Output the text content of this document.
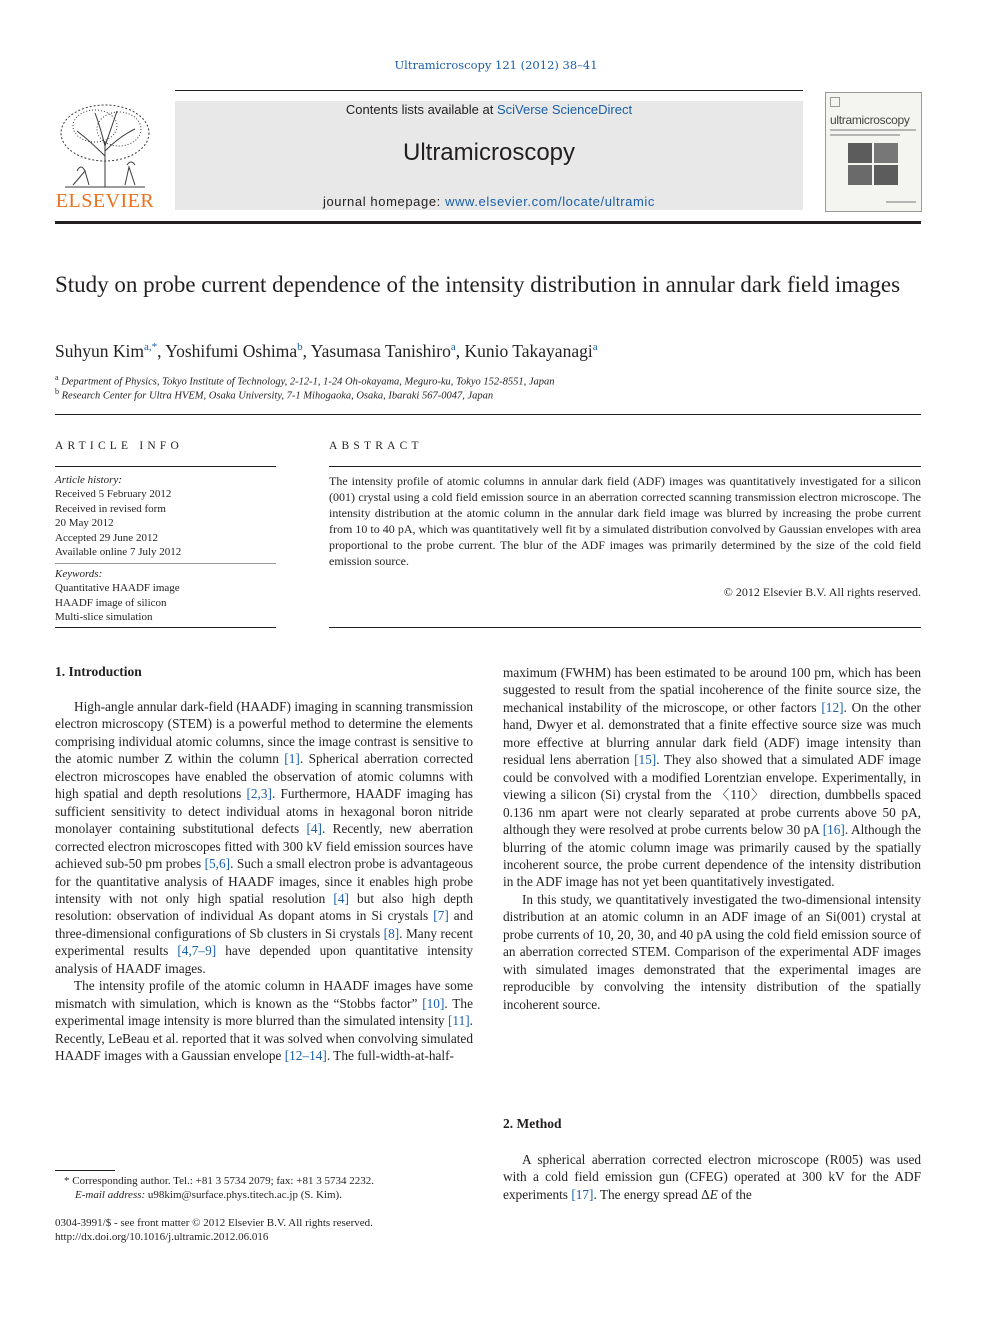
Ultramicroscopy 121 (2012) 38–41
ELSEVIER
Contents lists available at SciVerse ScienceDirect
Ultramicroscopy
journal homepage: www.elsevier.com/locate/ultramic
ultramicroscopy
Study on probe current dependence of the intensity distribution in annular dark field images
Suhyun Kim$^{a,*}$, Yoshifumi Oshima$^b$, Yasumasa Tanishiro$^a$, Kunio Takayanagi$^a$
$^a$ Department of Physics, Tokyo Institute of Technology, 2-12-1, 1-24 Oh-okayama, Meguro-ku, Tokyo 152-8551, Japan
$^b$ Research Center for Ultra HVEM, Osaka University, 7-1 Mihogaoka, Osaka, Ibaraki 567-0047, Japan
ARTICLE INFO
Article history:
Received 5 February 2012
Received in revised form
20 May 2012
Accepted 29 June 2012
Available online 7 July 2012
Keywords:
Quantitative HAADF image
HAADF image of silicon
Multi-slice simulation
ABSTRACT
The intensity profile of atomic columns in annular dark field (ADF) images was quantitatively investigated for a silicon (001) crystal using a cold field emission source in an aberration corrected scanning transmission electron microscope. The intensity distribution at the atomic column in the annular dark field image was blurred by increasing the probe current from 10 to 40 pA, which was quantitatively well fit by a simulated distribution convolved by Gaussian envelopes with area proportional to the probe current. The blur of the ADF images was primarily determined by the size of the cold field emission source.
© 2012 Elsevier B.V. All rights reserved.
1. Introduction

High-angle annular dark-field (HAADF) imaging in scanning transmission electron microscopy (STEM) is a powerful method to determine the elements comprising individual atomic columns, since the image contrast is sensitive to the atomic number Z within the column [1]. Spherical aberration corrected electron microscopes have enabled the observation of atomic columns with high spatial and depth resolutions [2,3]. Furthermore, HAADF imaging has sufficient sensitivity to detect individual atoms in hexagonal boron nitride monolayer containing substitutional defects [4]. Recently, new aberration corrected electron microscopes fitted with 300 kV field emission sources have achieved sub-50 pm probes [5,6]. Such a small electron probe is advantageous for the quantitative analysis of HAADF images, since it enables high probe intensity with not only high spatial resolution [4] but also high depth resolution: observation of individual As dopant atoms in Si crystals [7] and three-dimensional configurations of Sb clusters in Si crystals [8]. Many recent experimental results [4,7–9] have depended upon quantitative intensity analysis of HAADF images.

The intensity profile of the atomic column in HAADF images have some mismatch with simulation, which is known as the “Stobbs factor” [10]. The experimental image intensity is more blurred than the simulated intensity [11]. Recently, LeBeau et al. reported that it was solved when convolving simulated HAADF images with a Gaussian envelope [12–14]. The full-width-at-half-

maximum (FWHM) has been estimated to be around 100 pm, which has been suggested to result from the spatial incoherence of the finite source size, the mechanical instability of the microscope, or other factors [12]. On the other hand, Dwyer et al. demonstrated that a finite effective source size was much more effective at blurring annular dark field (ADF) image intensity than residual lens aberration [15]. They also showed that a simulated ADF image could be convolved with a modified Lorentzian envelope. Experimentally, in viewing a silicon (Si) crystal from the 〈110〉 direction, dumbbells spaced 0.136 nm apart were not clearly separated at probe currents above 50 pA, although they were resolved at probe currents below 30 pA [16]. Although the blurring of the atomic column image was primarily caused by the spatially incoherent source, the probe current dependence of the intensity distribution in the ADF image has not yet been quantitatively investigated.

In this study, we quantitatively investigated the two-dimensional intensity distribution at an atomic column in an ADF image of an Si(001) crystal at probe currents of 10, 20, 30, and 40 pA using the cold field emission source of an aberration corrected STEM. Comparison of the experimental ADF images with simulated images demonstrated that the experimental images are reproducible by convolving the intensity distribution of the spatially incoherent source.

2. Method

A spherical aberration corrected electron microscope (R005) was used with a cold field emission gun (CFEG) operated at 300 kV for the ADF experiments [17]. The energy spread ΔE of the

* Corresponding author. Tel.: +81 3 5734 2079; fax: +81 3 5734 2232.
E-mail address: u98kim@surface.phys.titech.ac.jp (S. Kim).
0304-3991/$ - see front matter © 2012 Elsevier B.V. All rights reserved.
http://dx.doi.org/10.1016/j.ultramic.2012.06.016
